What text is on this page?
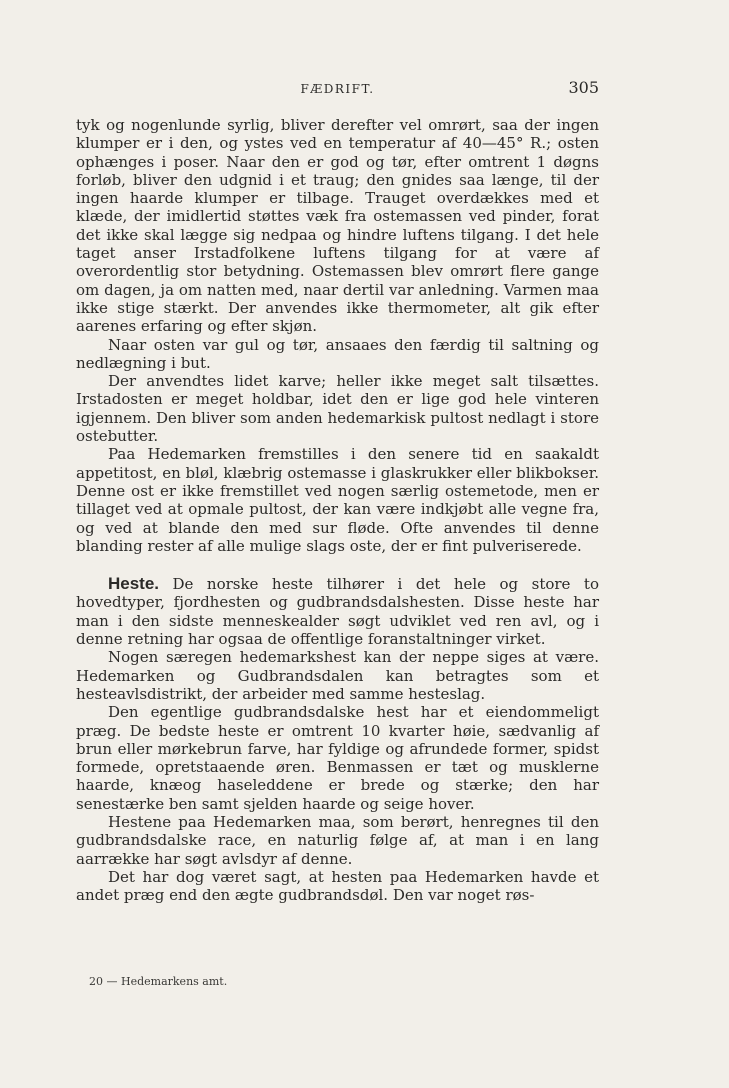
FÆDRIFT.	305

tyk og nogenlunde syrlig, bliver derefter vel omrørt, saa der ingen klumper er i den, og ystes ved en temperatur af 40—45° R.; osten ophænges i poser. Naar den er god og tør, efter omtrent 1 døgns forløb, bliver den udgnid i et traug; den gnides saa længe, til der ingen haarde klumper er tilbage. Trauget overdækkes med et klæde, der imidlertid støttes væk fra ostemassen ved pinder, forat det ikke skal lægge sig nedpaa og hindre luftens tilgang. I det hele taget anser Irstadfolkene luftens tilgang for at være af overordentlig stor betydning. Ostemassen blev omrørt flere gange om dagen, ja om natten med, naar dertil var anledning. Varmen maa ikke stige stærkt. Der anvendes ikke thermometer, alt gik efter aarenes erfaring og efter skjøn.

Naar osten var gul og tør, ansaaes den færdig til saltning og nedlægning i but.

Der anvendtes lidet karve; heller ikke meget salt tilsættes. Irstadosten er meget holdbar, idet den er lige god hele vinteren igjennem. Den bliver som anden hedemarkisk pultost nedlagt i store ostebutter.

Paa Hedemarken fremstilles i den senere tid en saakaldt appetitost, en bløl, klæbrig ostemasse i glaskrukker eller blikbokser. Denne ost er ikke fremstillet ved nogen særlig ostemetode, men er tillaget ved at opmale pultost, der kan være indkjøbt alle vegne fra, og ved at blande den med sur fløde. Ofte anvendes til denne blanding rester af alle mulige slags oste, der er fint pulveriserede.

Heste. De norske heste tilhører i det hele og store to hovedtyper, fjordhesten og gudbrandsdalshesten. Disse heste har man i den sidste menneskealder søgt udviklet ved ren avl, og i denne retning har ogsaa de offentlige foranstaltninger virket.

Nogen særegen hedemarkshest kan der neppe siges at være. Hedemarken og Gudbrandsdalen kan betragtes som et hesteavlsdistrikt, der arbeider med samme hesteslag.

Den egentlige gudbrandsdalske hest har et eiendommeligt præg. De bedste heste er omtrent 10 kvarter høie, sædvanlig af brun eller mørkebrun farve, har fyldige og afrundede former, spidst formede, opretstaaende øren. Benmassen er tæt og musklerne haarde, knæog haseleddene er brede og stærke; den har senestærke ben samt sjelden haarde og seige hover.

Hestene paa Hedemarken maa, som berørt, henregnes til den gudbrandsdalske race, en naturlig følge af, at man i en lang aarrække har søgt avlsdyr af denne.

Det har dog været sagt, at hesten paa Hedemarken havde et andet præg end den ægte gudbrandsdøl. Den var noget røs-

20 — Hedemarkens amt.
